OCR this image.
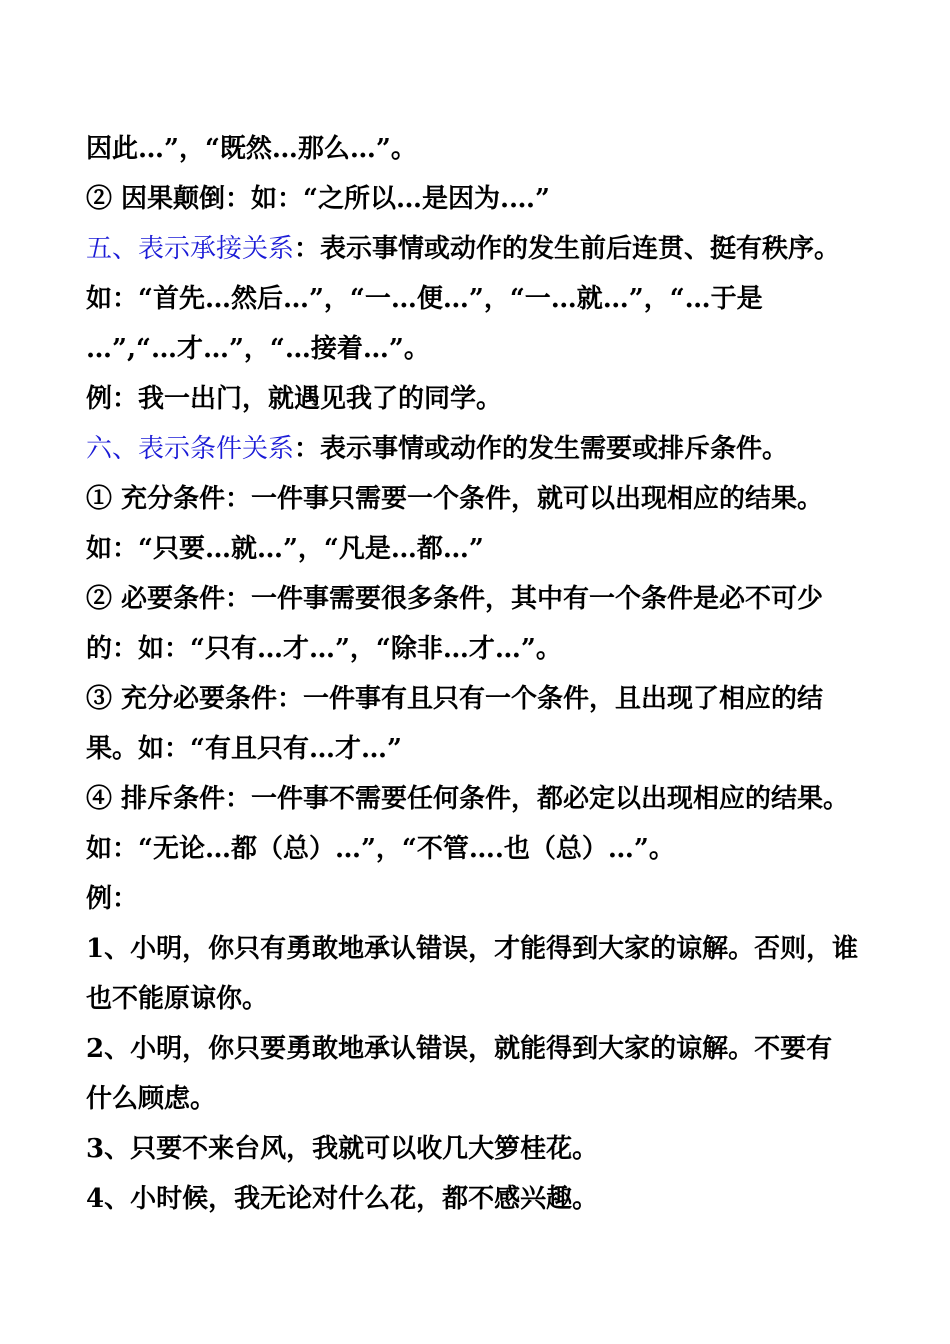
因此…”，“既然…那么…”。
② 因果颠倒：如：“之所以…是因为.…”
五、表示承接关系：表示事情或动作的发生前后连贯、挺有秩序。
如：“首先…然后…”，“一…便…”，“一…就…”，“…于是
…”,“…才…”，“…接着…”。
例：我一出门，就遇见我了的同学。
六、表示条件关系：表示事情或动作的发生需要或排斥条件。
① 充分条件：一件事只需要一个条件，就可以出现相应的结果。
如：“只要…就…”，“凡是…都…”
② 必要条件：一件事需要很多条件，其中有一个条件是必不可少
的：如：“只有…才…”，“除非…才…”。
③ 充分必要条件：一件事有且只有一个条件，且出现了相应的结
果。如：“有且只有…才…”
④ 排斥条件：一件事不需要任何条件，都必定以出现相应的结果。
如：“无论…都（总）…”，“不管….也（总）…”。
例：
1、小明，你只有勇敢地承认错误，才能得到大家的谅解。否则，谁
也不能原谅你。
2、小明，你只要勇敢地承认错误，就能得到大家的谅解。不要有
什么顾虑。
3、只要不来台风，我就可以收几大箩桂花。
4、小时候，我无论对什么花，都不感兴趣。
